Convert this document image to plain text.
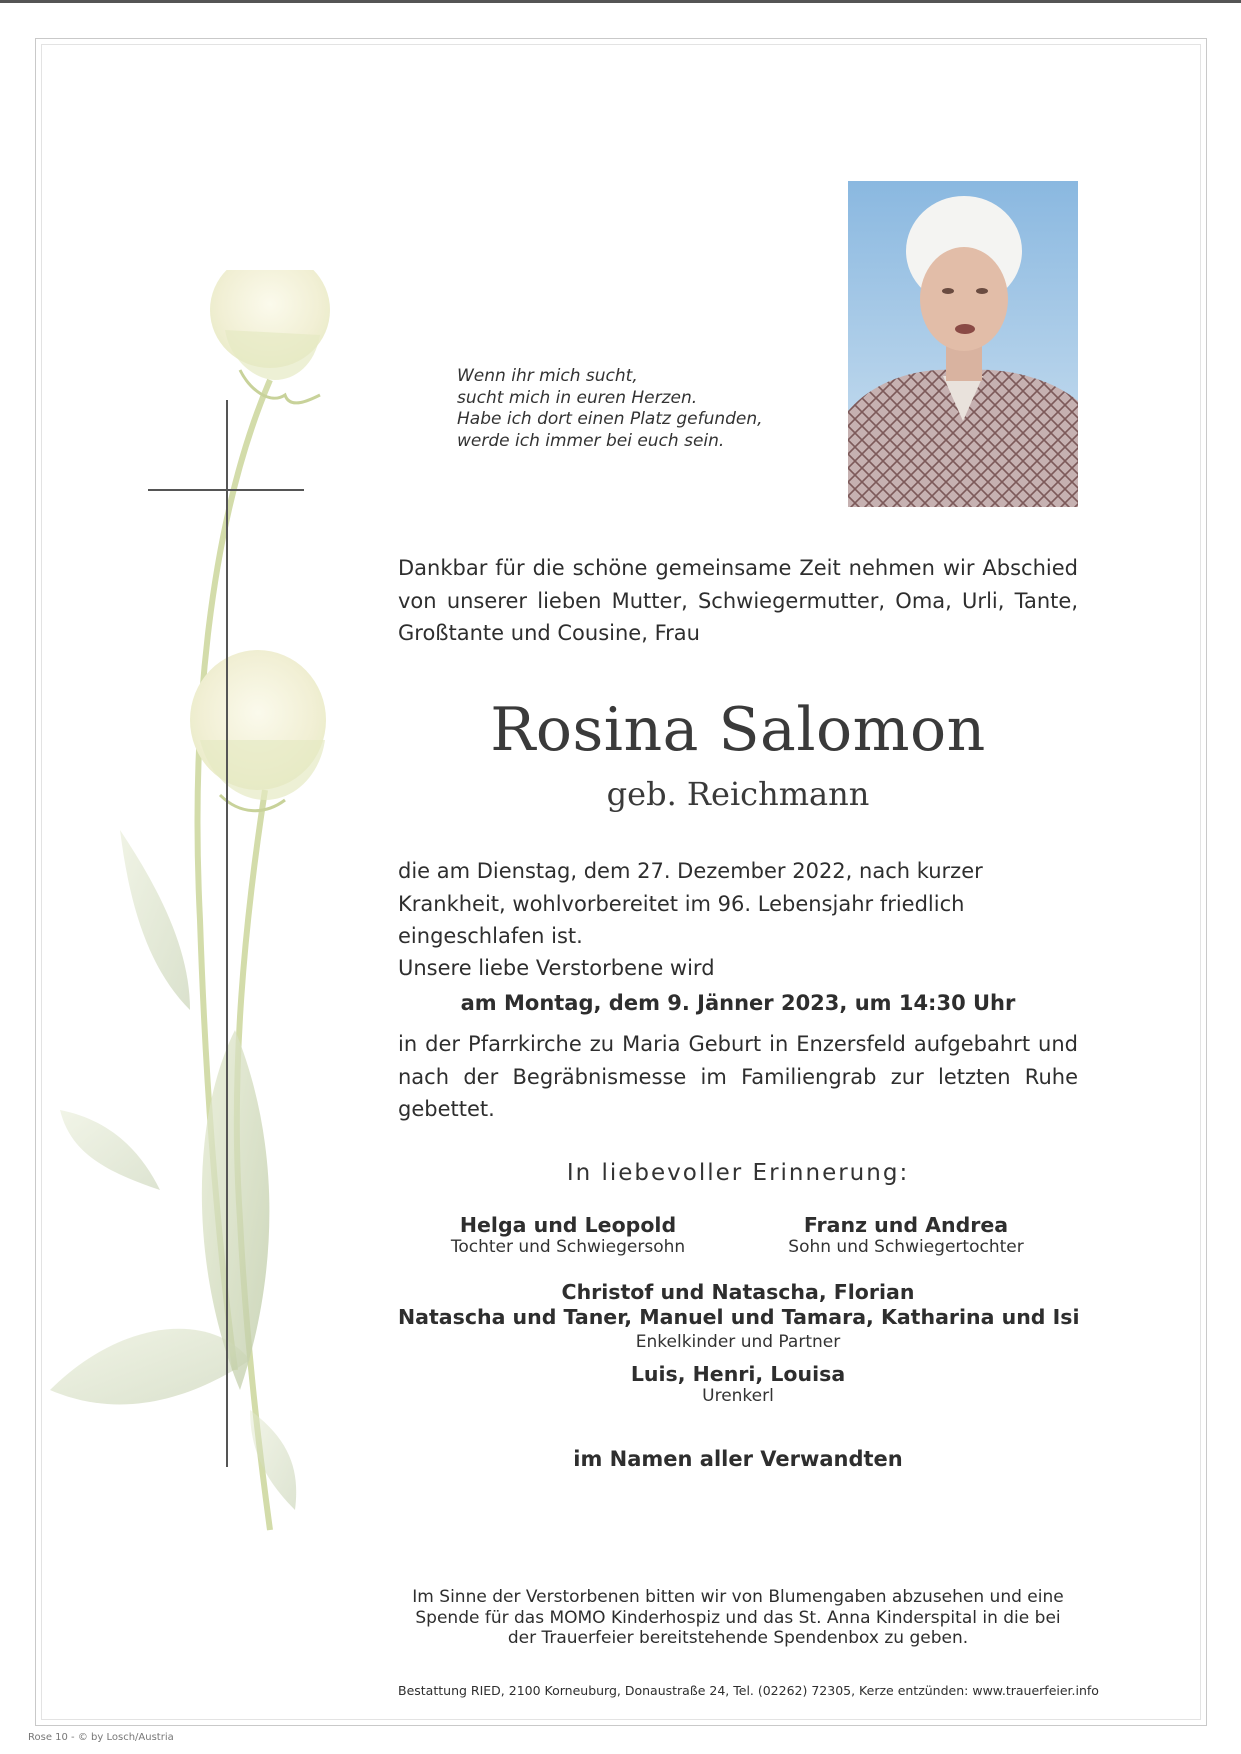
Wenn ihr mich sucht,
sucht mich in euren Herzen.
Habe ich dort einen Platz gefunden,
werde ich immer bei euch sein.
Dankbar für die schöne gemeinsame Zeit nehmen wir Abschied von unserer lieben Mutter, Schwiegermutter, Oma, Urli, Tante, Großtante und Cousine, Frau
Rosina Salomon
geb. Reichmann
die am Dienstag, dem 27. Dezember 2022, nach kurzer Krankheit, wohlvorbereitet im 96. Lebensjahr friedlich eingeschlafen ist.
Unsere liebe Verstorbene wird
am Montag, dem 9. Jänner 2023, um 14:30 Uhr
in der Pfarrkirche zu Maria Geburt in Enzersfeld aufgebahrt und nach der Begräbnismesse im Familiengrab zur letzten Ruhe gebettet.
In liebevoller Erinnerung:
Helga und Leopold
Tochter und Schwiegersohn
Franz und Andrea
Sohn und Schwiegertochter
Christof und Natascha, Florian
Natascha und Taner, Manuel und Tamara, Katharina und Isi
Enkelkinder und Partner
Luis, Henri, Louisa
Urenkerl
im Namen aller Verwandten
Im Sinne der Verstorbenen bitten wir von Blumengaben abzusehen und eine
Spende für das MOMO Kinderhospiz und das St. Anna Kinderspital in die bei
der Trauerfeier bereitstehende Spendenbox zu geben.
Bestattung RIED, 2100 Korneuburg, Donaustraße 24, Tel. (02262) 72305, Kerze entzünden: www.trauerfeier.info
Rose 10 - © by Losch/Austria
